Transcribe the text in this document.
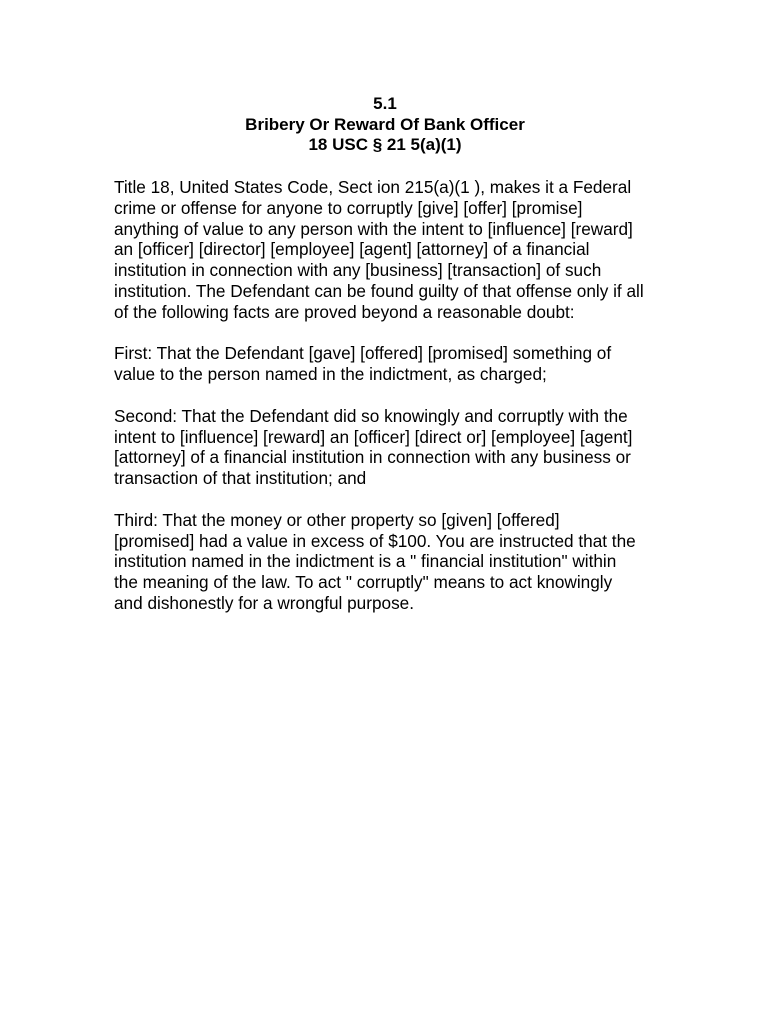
5.1
Bribery Or Reward Of Bank Officer
18 USC § 21 5(a)(1)

Title 18, United States Code, Sect ion 215(a)(1 ), makes it a Federal
crime or offense for anyone to corruptly [give] [offer] [promise]
anything of value to any person with the intent to [influence] [reward]
an [officer] [director] [employee] [agent] [attorney] of a financial
institution in connection with any [business] [transaction] of such
institution. The Defendant can be found guilty of that offense only if all
of the following facts are proved beyond a reasonable doubt:

First: That the Defendant [gave] [offered] [promised] something of
value to the person named in the indictment, as charged;

Second: That the Defendant did so knowingly and corruptly with the
intent to [influence] [reward] an [officer] [direct or] [employee] [agent]
[attorney] of a financial institution in connection with any business or
transaction of that institution; and

Third: That the money or other property so [given] [offered]
[promised] had a value in excess of $100. You are instructed that the
institution named in the indictment is a " financial institution" within
the meaning of the law. To act " corruptly" means to act knowingly
and dishonestly for a wrongful purpose.
